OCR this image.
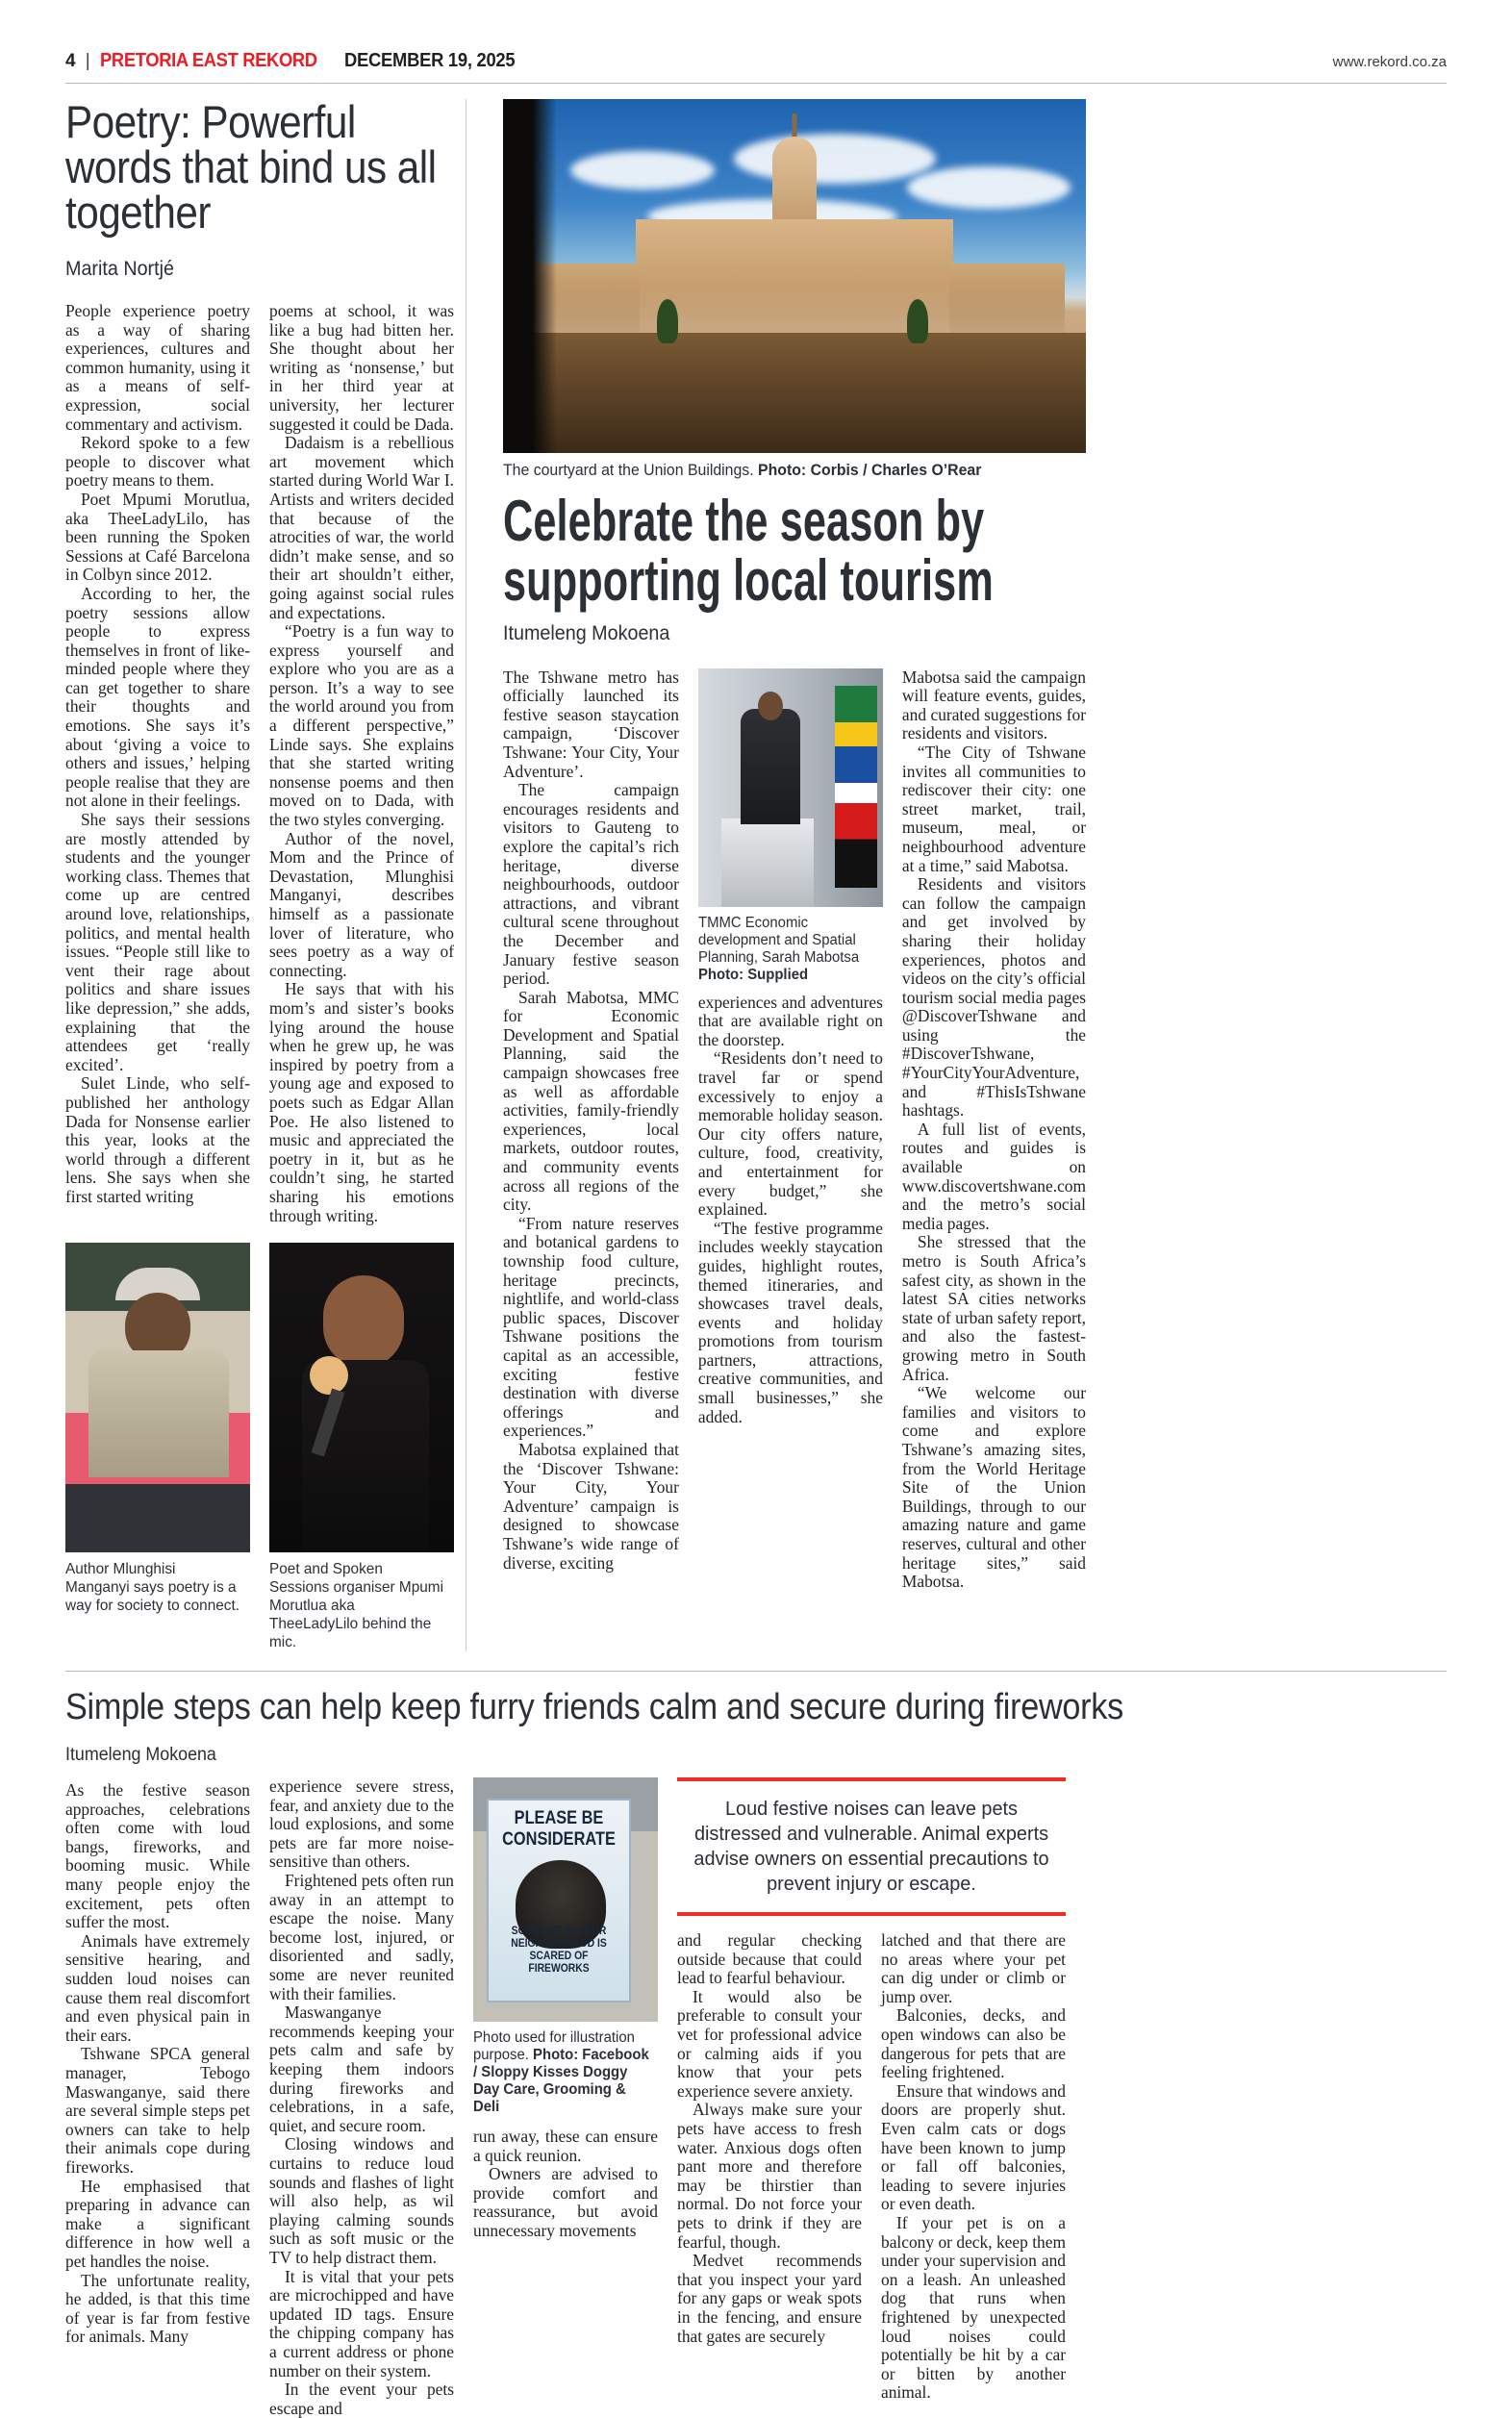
4 | PRETORIA EAST REKORD DECEMBER 19, 2025	www.rekord.co.za
Poetry: Powerful words that bind us all together
Marita Nortjé

People experience poetry as a way of sharing experiences, cultures and common humanity, using it as a means of self-expression, social commentary and activism.

Rekord spoke to a few people to discover what poetry means to them.

Poet Mpumi Morutlua, aka TheeLadyLilo, has been running the Spoken Sessions at Café Barcelona in Colbyn since 2012.

According to her, the poetry sessions allow people to express themselves in front of like-minded people where they can get together to share their thoughts and emotions. She says it’s about ‘giving a voice to others and issues,’ helping people realise that they are not alone in their feelings.

She says their sessions are mostly attended by students and the younger working class. Themes that come up are centred around love, relationships, politics, and mental health issues. “People still like to vent their rage about politics and share issues like depression,” she adds, explaining that the attendees get ‘really excited’.

Sulet Linde, who self-published her anthology Dada for Nonsense earlier this year, looks at the world through a different lens. She says when she first started writing

poems at school, it was like a bug had bitten her. She thought about her writing as ‘nonsense,’ but in her third year at university, her lecturer suggested it could be Dada.

Dadaism is a rebellious art movement which started during World War I. Artists and writers decided that because of the atrocities of war, the world didn’t make sense, and so their art shouldn’t either, going against social rules and expectations.

“Poetry is a fun way to express yourself and explore who you are as a person. It’s a way to see the world around you from a different perspective,” Linde says. She explains that she started writing nonsense poems and then moved on to Dada, with the two styles converging.

Author of the novel, Mom and the Prince of Devastation, Mlunghisi Manganyi, describes himself as a passionate lover of literature, who sees poetry as a way of connecting.

He says that with his mom’s and sister’s books lying around the house when he grew up, he was inspired by poetry from a young age and exposed to poets such as Edgar Allan Poe. He also listened to music and appreciated the poetry in it, but as he couldn’t sing, he started sharing his emotions through writing.

Author Mlunghisi Manganyi says poetry is a way for society to connect.
Poet and Spoken Sessions organiser Mpumi Morutlua aka TheeLadyLilo behind the mic.
The courtyard at the Union Buildings. Photo: Corbis / Charles O’Rear
Celebrate the season by supporting local tourism
Itumeleng Mokoena

The Tshwane metro has officially launched its festive season staycation campaign, ‘Discover Tshwane: Your City, Your Adventure’.

The campaign encourages residents and visitors to Gauteng to explore the capital’s rich heritage, diverse neighbourhoods, outdoor attractions, and vibrant cultural scene throughout the December and January festive season period.

Sarah Mabotsa, MMC for Economic Development and Spatial Planning, said the campaign showcases free as well as affordable activities, family-friendly experiences, local markets, outdoor routes, and community events across all regions of the city.

“From nature reserves and botanical gardens to township food culture, heritage precincts, nightlife, and world-class public spaces, Discover Tshwane positions the capital as an accessible, exciting festive destination with diverse offerings and experiences.”

Mabotsa explained that the ‘Discover Tshwane: Your City, Your Adventure’ campaign is designed to showcase Tshwane’s wide range of diverse, exciting

TMMC Economic development and Spatial Planning, Sarah Mabotsa Photo: Supplied

experiences and adventures that are available right on the doorstep.

“Residents don’t need to travel far or spend excessively to enjoy a memorable holiday season. Our city offers nature, culture, food, creativity, and entertainment for every budget,” she explained.

“The festive programme includes weekly staycation guides, highlight routes, themed itineraries, and showcases travel deals, events and holiday promotions from tourism partners, attractions, creative communities, and small businesses,” she added.

Mabotsa said the campaign will feature events, guides, and curated suggestions for residents and visitors.

“The City of Tshwane invites all communities to rediscover their city: one street market, trail, museum, meal, or neighbourhood adventure at a time,” said Mabotsa.

Residents and visitors can follow the campaign and get involved by sharing their holiday experiences, photos and videos on the city’s official tourism social media pages @DiscoverTshwane and using the #DiscoverTshwane, #YourCityYourAdventure, and #ThisIsTshwane hashtags.

A full list of events, routes and guides is available on www.discovertshwane.com and the metro’s social media pages.

She stressed that the metro is South Africa’s safest city, as shown in the latest SA cities networks state of urban safety report, and also the fastest-growing metro in South Africa.

“We welcome our families and visitors to come and explore Tshwane’s amazing sites, from the World Heritage Site of the Union Buildings, through to our amazing nature and game reserves, cultural and other heritage sites,” said Mabotsa.

Simple steps can help keep furry friends calm and secure during fireworks
Itumeleng Mokoena

As the festive season approaches, celebrations often come with loud bangs, fireworks, and booming music. While many people enjoy the excitement, pets often suffer the most.

Animals have extremely sensitive hearing, and sudden loud noises can cause them real discomfort and even physical pain in their ears.

Tshwane SPCA general manager, Tebogo Maswanganye, said there are several simple steps pet owners can take to help their animals cope during fireworks.

He emphasised that preparing in advance can make a significant difference in how well a pet handles the noise.

The unfortunate reality, he added, is that this time of year is far from festive for animals. Many

experience severe stress, fear, and anxiety due to the loud explosions, and some pets are far more noise-sensitive than others.

Frightened pets often run away in an attempt to escape the noise. Many become lost, injured, or disoriented and sadly, some are never reunited with their families.

Maswanganye recommends keeping your pets calm and safe by keeping them indoors during fireworks and celebrations, in a safe, quiet, and secure room.

Closing windows and curtains to reduce loud sounds and flashes of light will also help, as wil playing calming sounds such as soft music or the TV to help distract them.

It is vital that your pets are microchipped and have updated ID tags. Ensure the chipping company has a current address or phone number on their system.

In the event your pets escape and

PLEASE BE
CONSIDERATE
SOMEONE IN YOUR NEIGHBORHOOD IS SCARED OF FIREWORKS
Photo used for illustration purpose. Photo: Facebook / Sloppy Kisses Doggy Day Care, Grooming & Deli

run away, these can ensure a quick reunion.

Owners are advised to provide comfort and reassurance, but avoid unnecessary movements

Loud festive noises can leave pets distressed and vulnerable. Animal experts advise owners on essential precautions to prevent injury or escape.

and regular checking outside because that could lead to fearful behaviour.

It would also be preferable to consult your vet for professional advice or calming aids if you know that your pets experience severe anxiety.

Always make sure your pets have access to fresh water. Anxious dogs often pant more and therefore may be thirstier than normal. Do not force your pets to drink if they are fearful, though.

Medvet recommends that you inspect your yard for any gaps or weak spots in the fencing, and ensure that gates are securely

latched and that there are no areas where your pet can dig under or climb or jump over.

Balconies, decks, and open windows can also be dangerous for pets that are feeling frightened.

Ensure that windows and doors are properly shut. Even calm cats or dogs have been known to jump or fall off balconies, leading to severe injuries or even death.

If your pet is on a balcony or deck, keep them under your supervision and on a leash. An unleashed dog that runs when frightened by unexpected loud noises could potentially be hit by a car or bitten by another animal.
